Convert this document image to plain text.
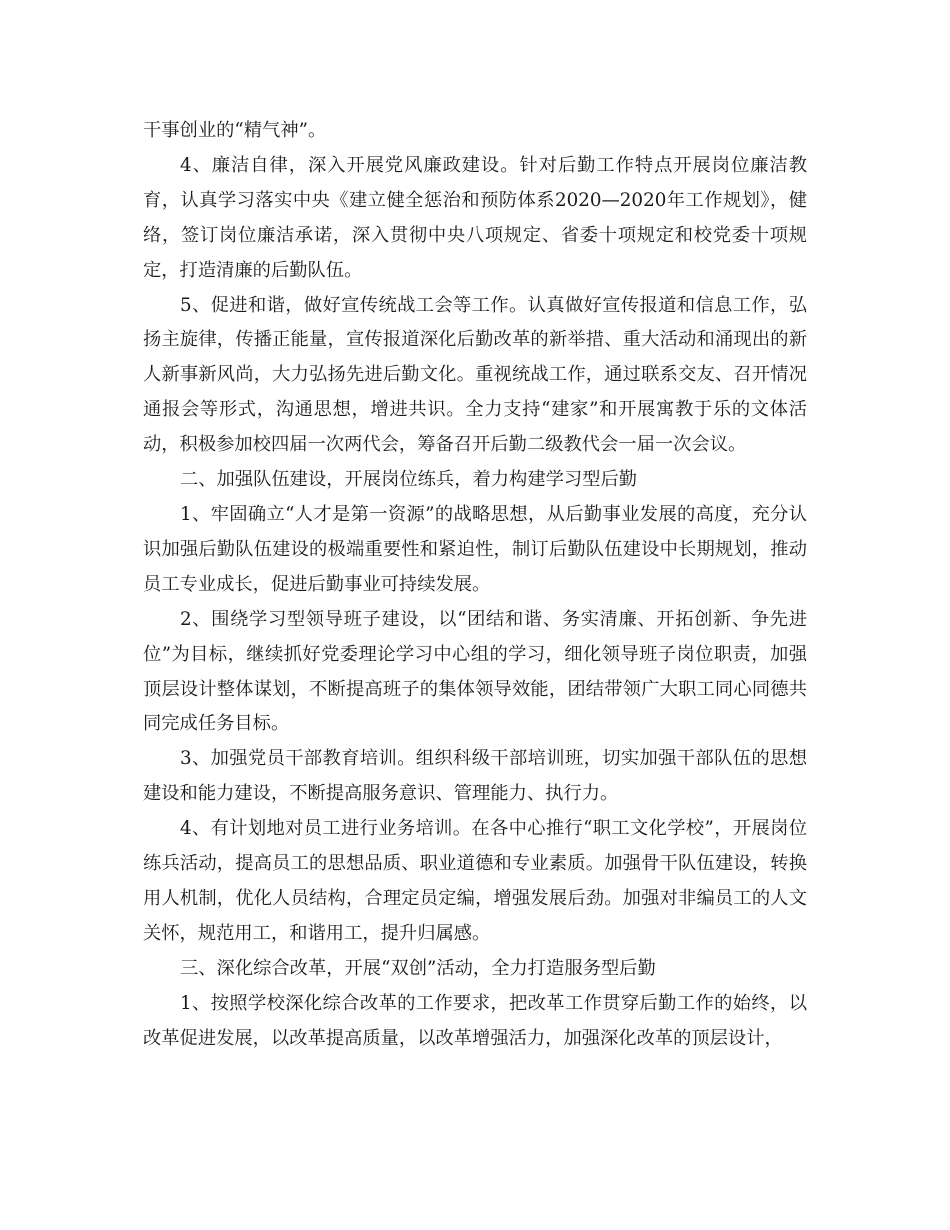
干事创业的“精气神”。

4、廉洁自律，深入开展党风廉政建设。针对后勤工作特点开展岗位廉洁教育，认真学习落实中央《建立健全惩治和预防体系2020—2020年工作规划》，健络，签订岗位廉洁承诺，深入贯彻中央八项规定、省委十项规定和校党委十项规定，打造清廉的后勤队伍。

5、促进和谐，做好宣传统战工会等工作。认真做好宣传报道和信息工作，弘扬主旋律，传播正能量，宣传报道深化后勤改革的新举措、重大活动和涌现出的新人新事新风尚，大力弘扬先进后勤文化。重视统战工作，通过联系交友、召开情况通报会等形式，沟通思想，增进共识。全力支持“建家”和开展寓教于乐的文体活动，积极参加校四届一次两代会，筹备召开后勤二级教代会一届一次会议。

二、加强队伍建设，开展岗位练兵，着力构建学习型后勤

1、牢固确立“人才是第一资源”的战略思想，从后勤事业发展的高度，充分认识加强后勤队伍建设的极端重要性和紧迫性，制订后勤队伍建设中长期规划，推动员工专业成长，促进后勤事业可持续发展。

2、围绕学习型领导班子建设，以“团结和谐、务实清廉、开拓创新、争先进位”为目标，继续抓好党委理论学习中心组的学习，细化领导班子岗位职责，加强顶层设计整体谋划，不断提高班子的集体领导效能，团结带领广大职工同心同德共同完成任务目标。

3、加强党员干部教育培训。组织科级干部培训班，切实加强干部队伍的思想建设和能力建设，不断提高服务意识、管理能力、执行力。

4、有计划地对员工进行业务培训。在各中心推行“职工文化学校”，开展岗位练兵活动，提高员工的思想品质、职业道德和专业素质。加强骨干队伍建设，转换用人机制，优化人员结构，合理定员定编，增强发展后劲。加强对非编员工的人文关怀，规范用工，和谐用工，提升归属感。

三、深化综合改革，开展“双创”活动，全力打造服务型后勤

1、按照学校深化综合改革的工作要求，把改革工作贯穿后勤工作的始终，以改革促进发展，以改革提高质量，以改革增强活力，加强深化改革的顶层设计，
